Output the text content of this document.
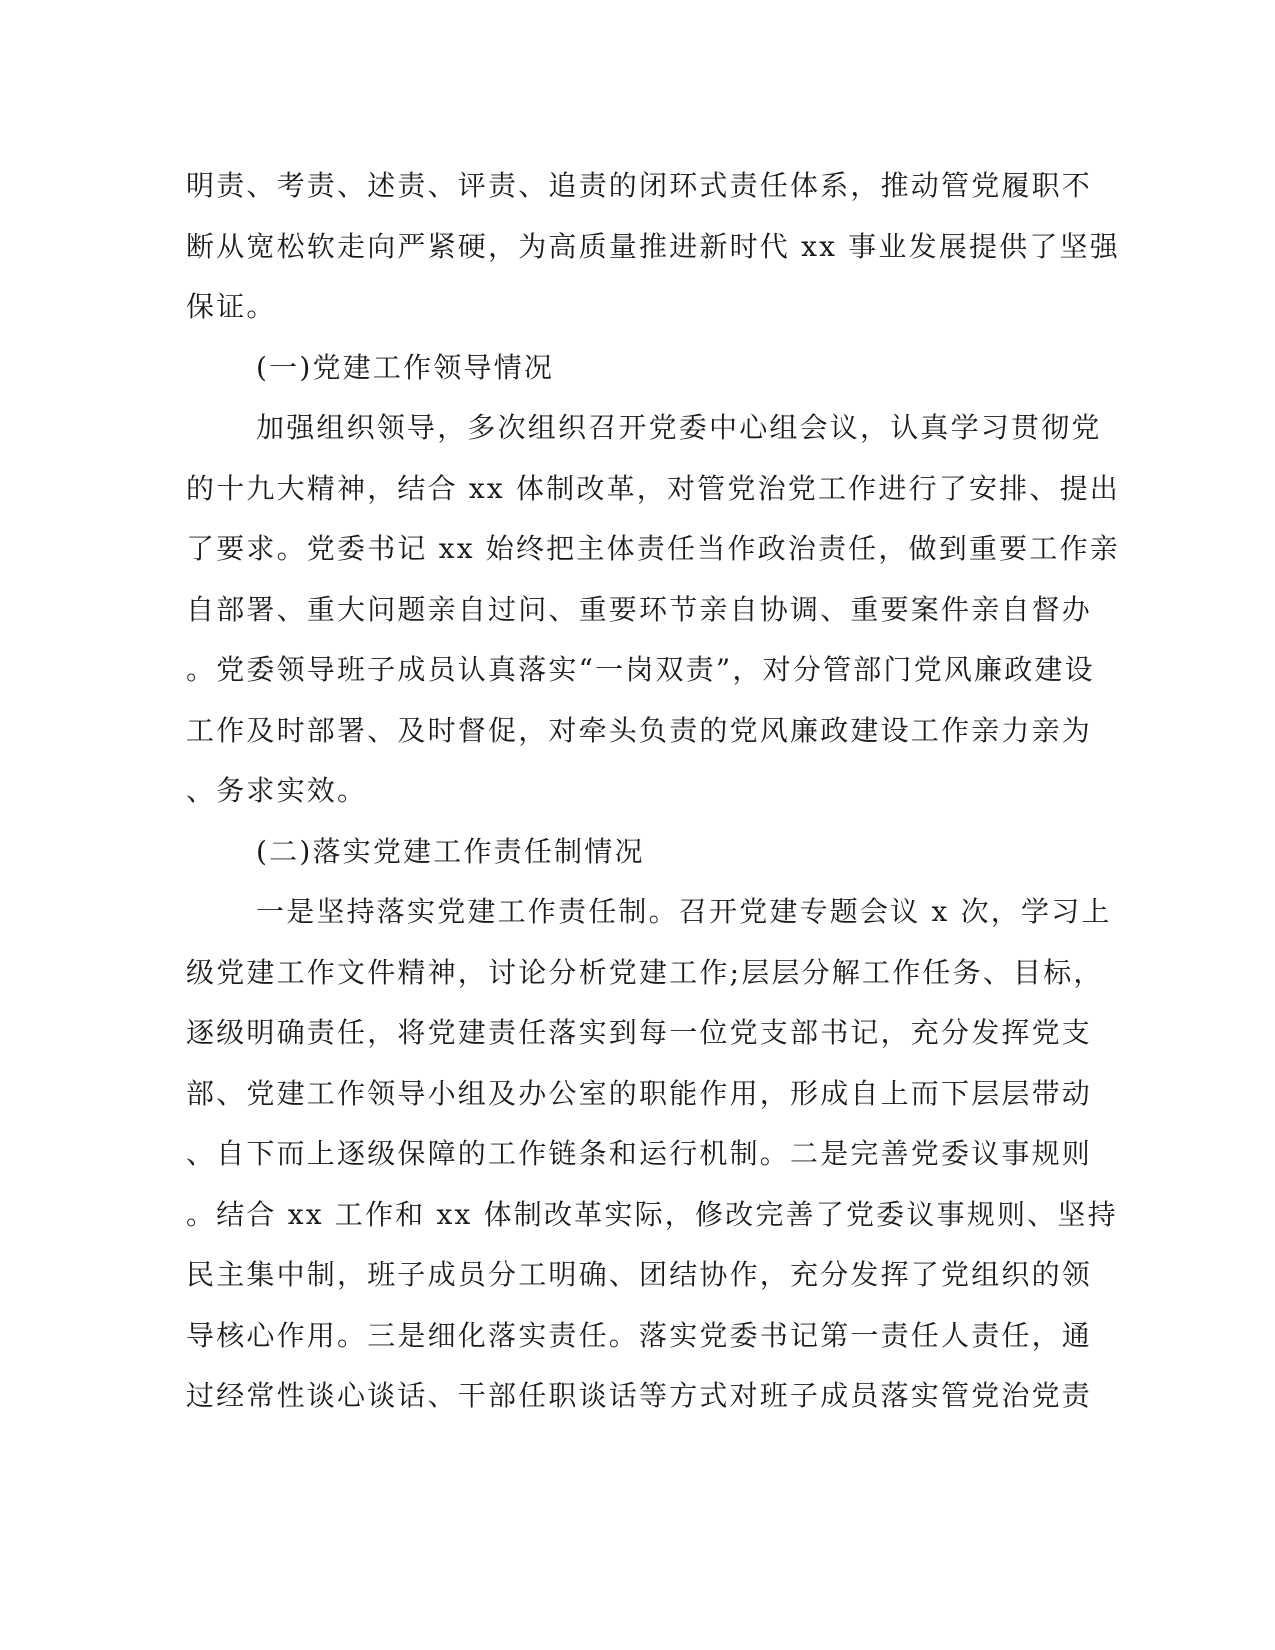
明责、考责、述责、评责、追责的闭环式责任体系，推动管党履职不
断从宽松软走向严紧硬，为高质量推进新时代 xx 事业发展提供了坚强
保证。
(一)党建工作领导情况
加强组织领导，多次组织召开党委中心组会议，认真学习贯彻党
的十九大精神，结合 xx 体制改革，对管党治党工作进行了安排、提出
了要求。党委书记 xx 始终把主体责任当作政治责任，做到重要工作亲
自部署、重大问题亲自过问、重要环节亲自协调、重要案件亲自督办
。党委领导班子成员认真落实“一岗双责”，对分管部门党风廉政建设
工作及时部署、及时督促，对牵头负责的党风廉政建设工作亲力亲为
、务求实效。
(二)落实党建工作责任制情况
一是坚持落实党建工作责任制。召开党建专题会议 x 次，学习上
级党建工作文件精神，讨论分析党建工作;层层分解工作任务、目标，
逐级明确责任，将党建责任落实到每一位党支部书记，充分发挥党支
部、党建工作领导小组及办公室的职能作用，形成自上而下层层带动
、自下而上逐级保障的工作链条和运行机制。二是完善党委议事规则
。结合 xx 工作和 xx 体制改革实际，修改完善了党委议事规则、坚持
民主集中制，班子成员分工明确、团结协作，充分发挥了党组织的领
导核心作用。三是细化落实责任。落实党委书记第一责任人责任，通
过经常性谈心谈话、干部任职谈话等方式对班子成员落实管党治党责
